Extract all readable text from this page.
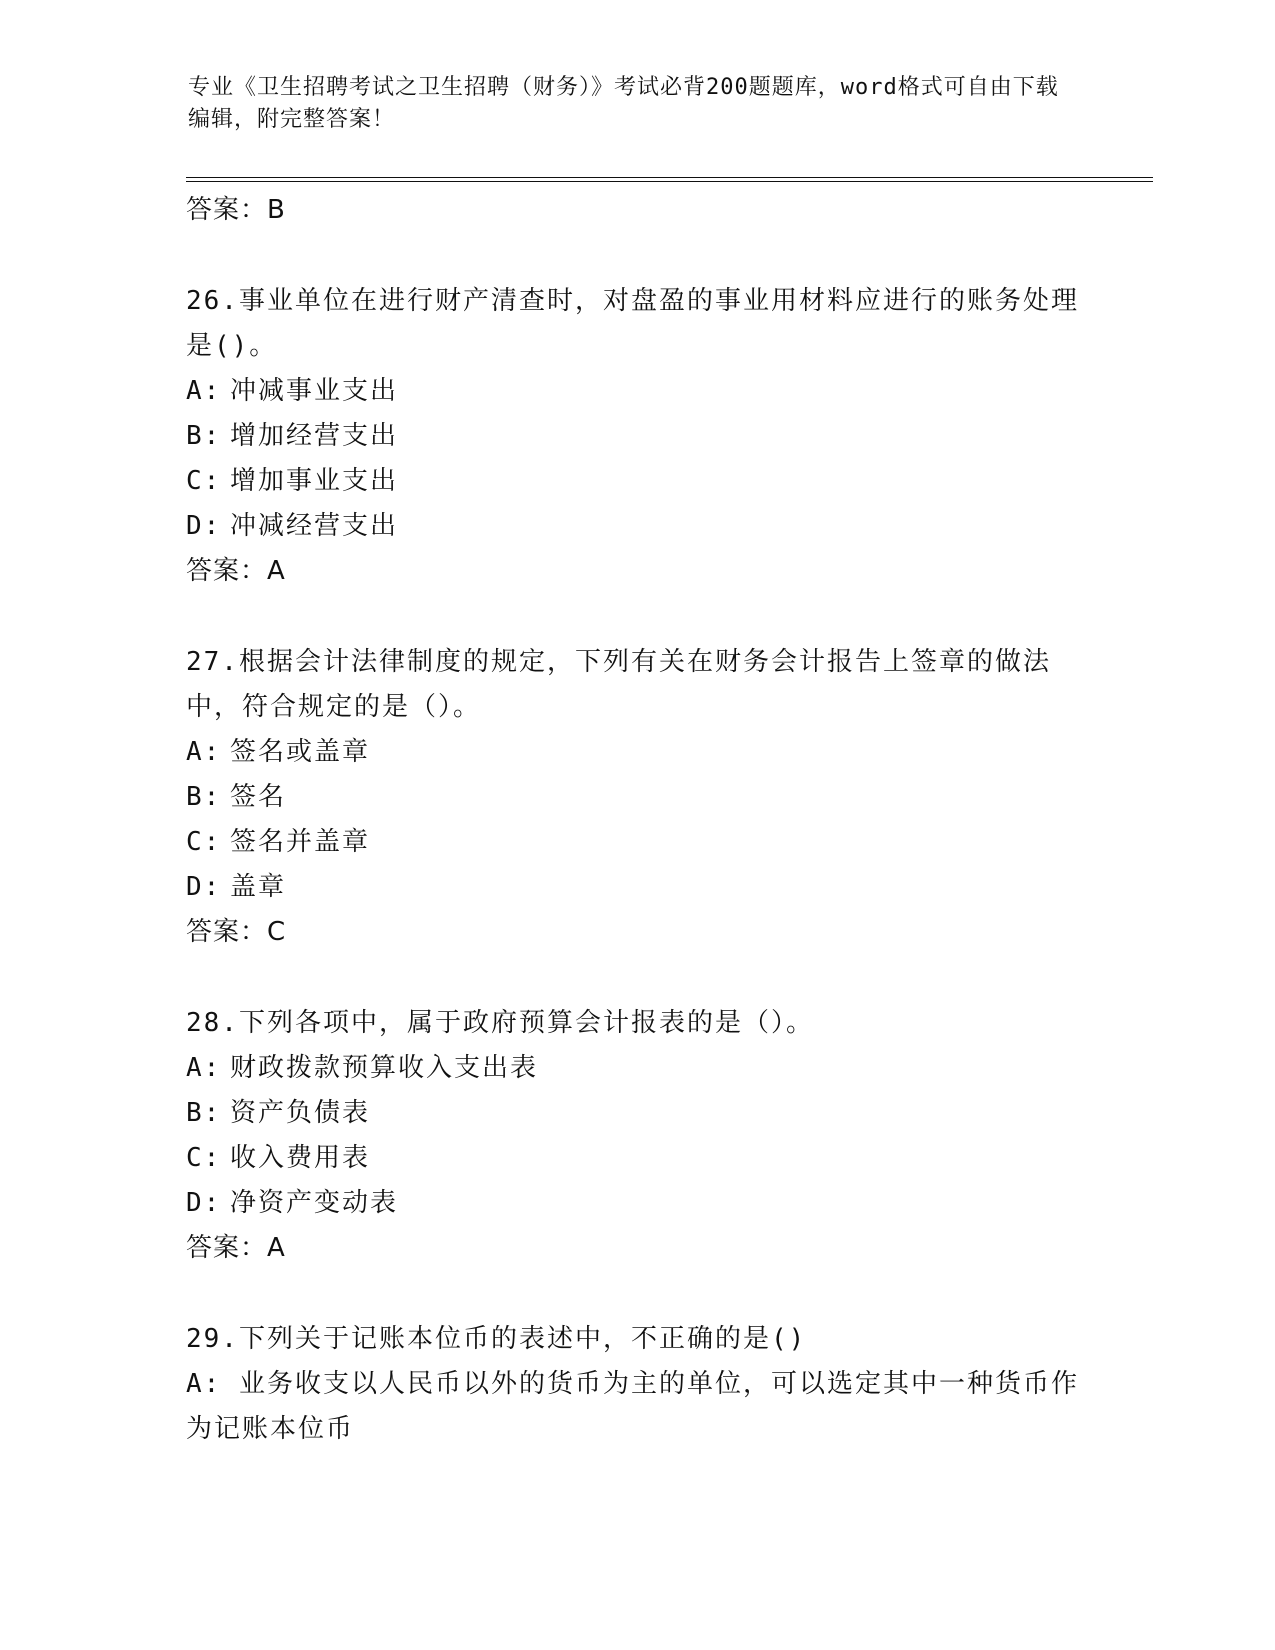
专业《卫生招聘考试之卫生招聘（财务）》考试必背200题题库，word格式可自由下载编辑，附完整答案！

答案：B

26.事业单位在进行财产清查时，对盘盈的事业用材料应进行的账务处理是()。

A: 冲减事业支出

B: 增加经营支出

C: 增加事业支出

D: 冲减经营支出

答案：A

27.根据会计法律制度的规定，下列有关在财务会计报告上签章的做法中，符合规定的是（）。

A: 签名或盖章

B: 签名

C: 签名并盖章

D: 盖章

答案：C

28.下列各项中，属于政府预算会计报表的是（）。

A: 财政拨款预算收入支出表

B: 资产负债表

C: 收入费用表

D: 净资产变动表

答案：A

29.下列关于记账本位币的表述中，不正确的是()

A: 业务收支以人民币以外的货币为主的单位，可以选定其中一种货币作为记账本位币
